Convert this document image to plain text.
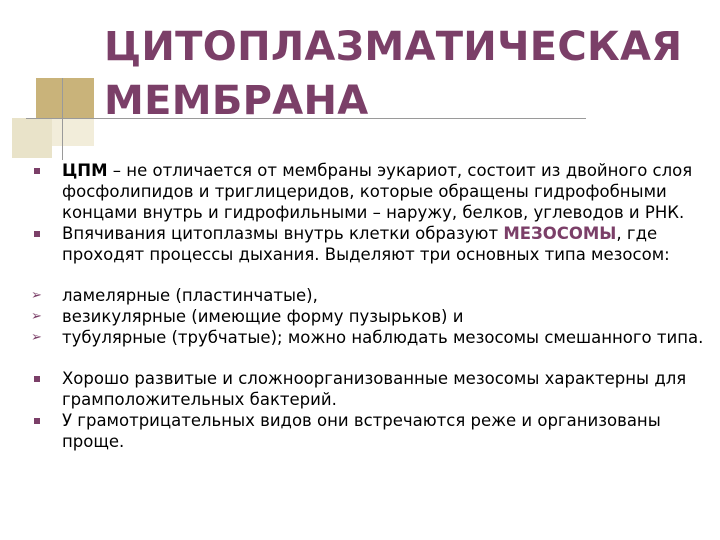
ЦИТОПЛАЗМАТИЧЕСКАЯ
МЕМБРАНА
ЦПМ – не отличается от мембраны эукариот, состоит из двойного слоя фосфолипидов и триглицеридов, которые обращены гидрофобными концами внутрь и гидрофильными – наружу, белков, углеводов и РНК.
Впячивания цитоплазмы внутрь клетки образуют МЕЗОСОМЫ, где проходят процессы дыхания. Выделяют три основных типа мезосом:
➢ ламелярные (пластинчатые),
➢ везикулярные (имеющие форму пузырьков) и
➢ тубулярные (трубчатые); можно наблюдать мезосомы смешанного типа.
Хорошо развитые и сложноорганизованные мезосомы характерны для грамположительных бактерий.
У грамотрицательных видов они встречаются реже и организованы проще.
